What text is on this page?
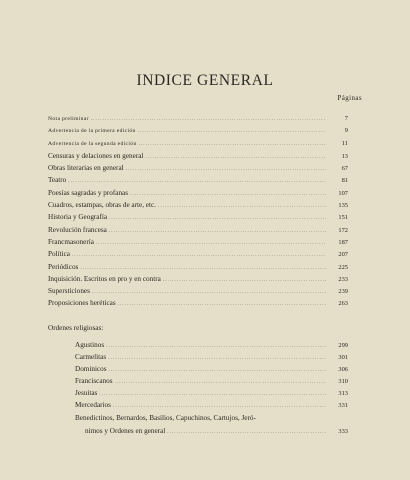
INDICE GENERAL
Páginas
Nota preliminar .....	7
Advertencia de la primera edición .....	9
Advertencia de la segunda edición .....	11
Censuras y delaciones en general .....	13
Obras literarias en general .....	67
Teatro .....	81
Poesías sagradas y profanas .....	107
Cuadros, estampas, obras de arte, etc. .....	135
Historia y Geografía .....	151
Revolución francesa .....	172
Francmasonería .....	187
Política .....	207
Periódicos .....	225
Inquisición. Escritos en pro y en contra .....	233
Supersticiones .....	239
Proposiciones heréticas .....	263
Ordenes religiosas:
Agustinos .....	299
Carmelitas .....	301
Dominicos .....	306
Franciscanos .....	310
Jesuitas .....	313
Mercedarios .....	331
Benedictinos, Bernardos, Basilios, Capuchinos, Cartujos, Jeró-
nimos y Ordenes en general .....	333
